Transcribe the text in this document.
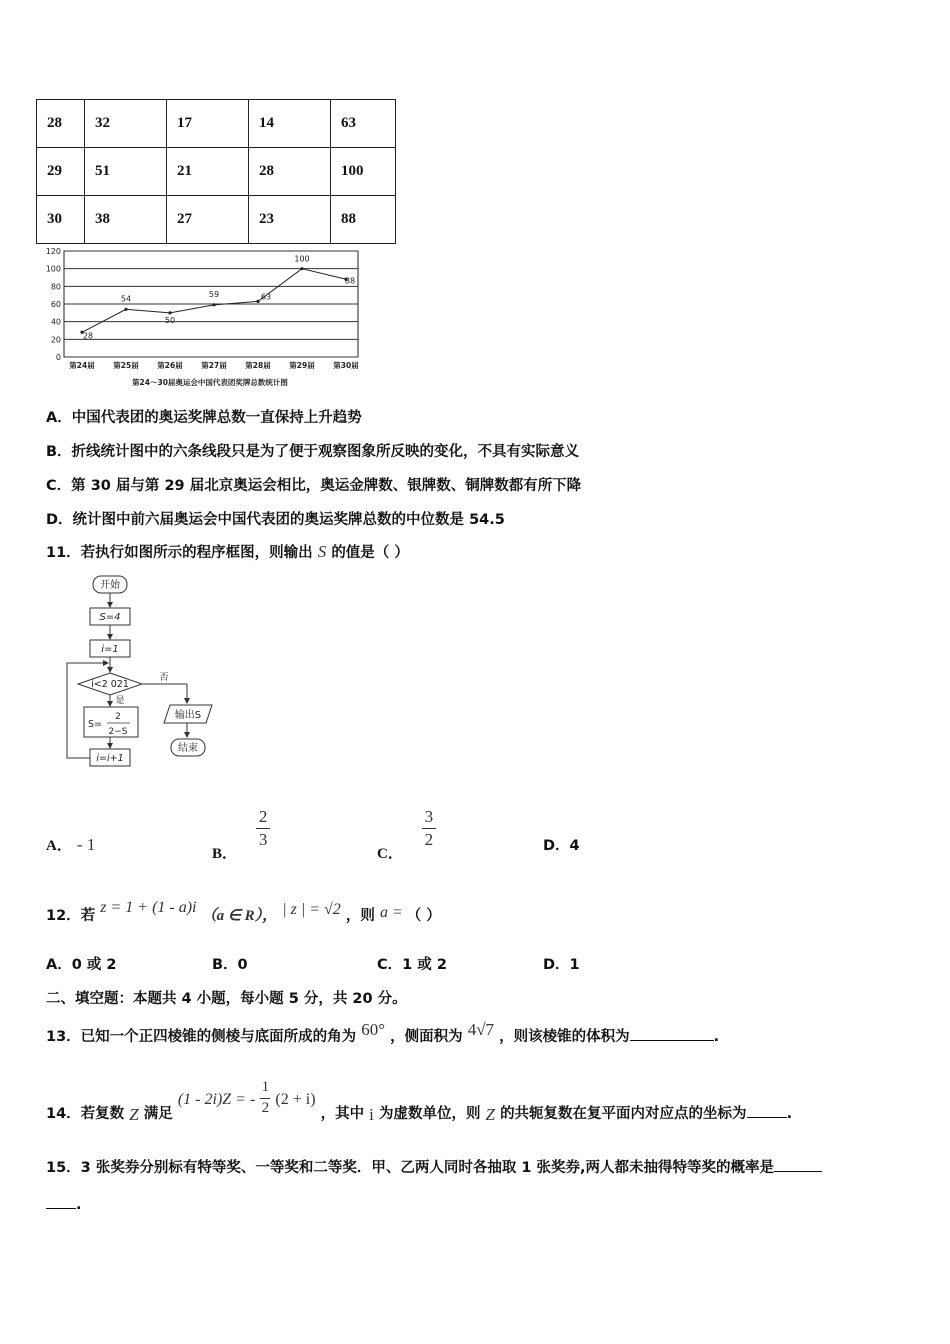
28	32	17	14	63
29	51	21	28	100
30	38	27	23	88
0
20
40
60
80
100
120
第24届 第25届 第26届 第27届 第28届 第29届 第30届
28
54
50
59	63
100
88
第24～30届奥运会中国代表团奖牌总数统计图
A．中国代表团的奥运奖牌总数一直保持上升趋势
B．折线统计图中的六条线段只是为了便于观察图象所反映的变化，不具有实际意义
C．第 30 届与第 29 届北京奥运会相比，奥运金牌数、银牌数、铜牌数都有所下降
D．统计图中前六届奥运会中国代表团的奥运奖牌总数的中位数是 54.5
11．若执行如图所示的程序框图，则输出 S 的值是（ ）
开始
S=4
i=1
i<2 021
是
否
S=
2
2−S
i=i+1
输出S
结束
A． - 1
B．
$\frac{2}{3}$
C．
$\frac{3}{2}$	D．4
12．若 z = 1 + (1 - a)i （a ∈ R）， | z | = √2 ，则 a = （ ）
A．0 或 2	B．0	C．1 或 2	D．1
二、填空题：本题共 4 小题，每小题 5 分，共 20 分。
13．已知一个正四棱锥的侧棱与底面所成的角为 60° ，侧面积为 4√7 ，则该棱锥的体积为	.
14．若复数 Z 满足 (1 - 2i)Z = - $\frac{1}{2} (2 + i)$ ，其中 i 为虚数单位，则 Z 的共轭复数在复平面内对应点的坐标为	.
15．3 张奖券分别标有特等奖、一等奖和二等奖．甲、乙两人同时各抽取 1 张奖券,两人都未抽得特等奖的概率是
.
